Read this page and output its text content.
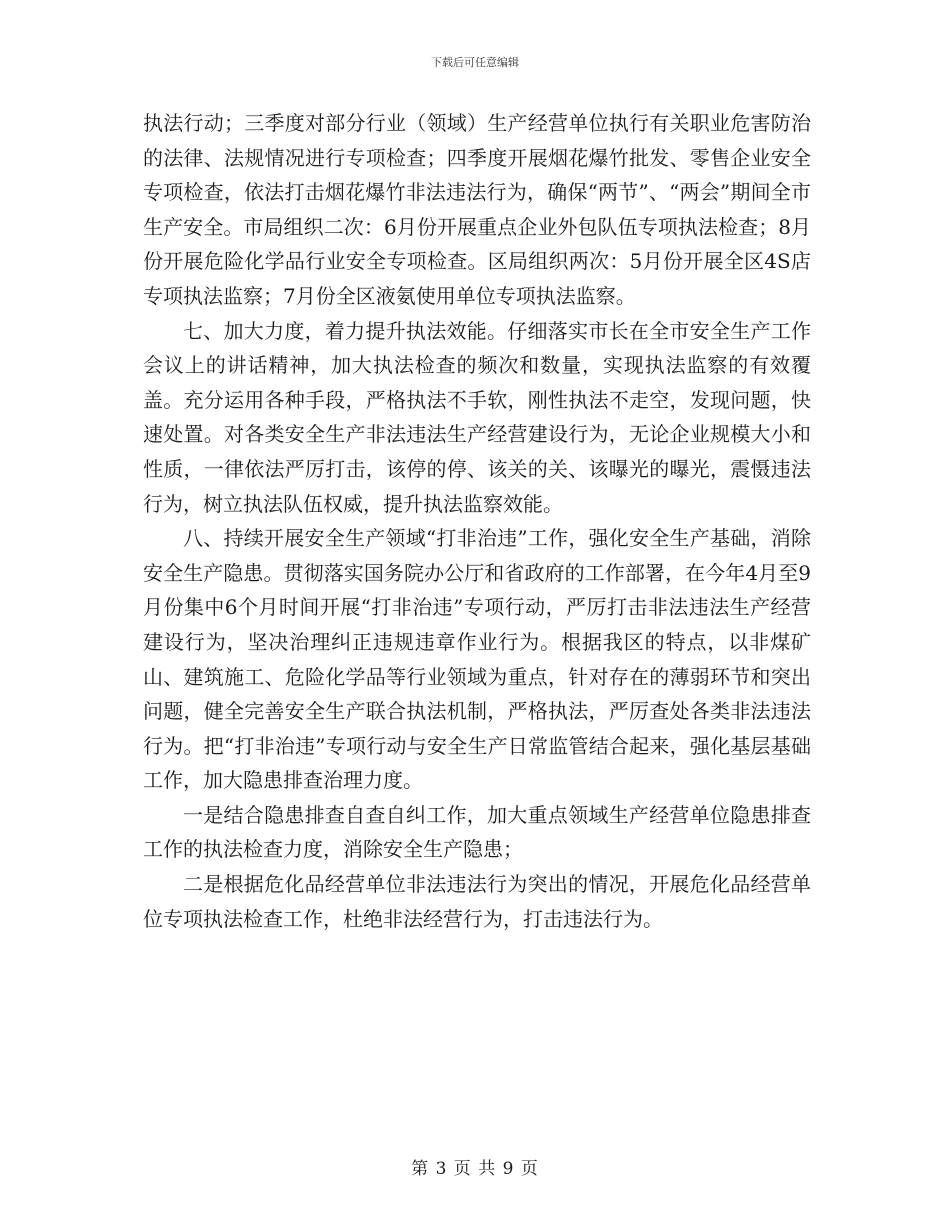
下载后可任意编辑

执法行动；三季度对部分行业（领域）生产经营单位执行有关职业危害防治的法律、法规情况进行专项检查；四季度开展烟花爆竹批发、零售企业安全专项检查，依法打击烟花爆竹非法违法行为，确保“两节”、“两会”期间全市生产安全。市局组织二次：6月份开展重点企业外包队伍专项执法检查；8月份开展危险化学品行业安全专项检查。区局组织两次：5月份开展全区4S店专项执法监察；7月份全区液氨使用单位专项执法监察。

七、加大力度，着力提升执法效能。仔细落实市长在全市安全生产工作会议上的讲话精神，加大执法检查的频次和数量，实现执法监察的有效覆盖。充分运用各种手段，严格执法不手软，刚性执法不走空，发现问题，快速处置。对各类安全生产非法违法生产经营建设行为，无论企业规模大小和性质，一律依法严厉打击，该停的停、该关的关、该曝光的曝光，震慑违法行为，树立执法队伍权威，提升执法监察效能。

八、持续开展安全生产领域“打非治违”工作，强化安全生产基础，消除安全生产隐患。贯彻落实国务院办公厅和省政府的工作部署，在今年4月至9月份集中6个月时间开展“打非治违”专项行动，严厉打击非法违法生产经营建设行为，坚决治理纠正违规违章作业行为。根据我区的特点，以非煤矿山、建筑施工、危险化学品等行业领域为重点，针对存在的薄弱环节和突出问题，健全完善安全生产联合执法机制，严格执法，严厉查处各类非法违法行为。把“打非治违”专项行动与安全生产日常监管结合起来，强化基层基础工作，加大隐患排查治理力度。

一是结合隐患排查自查自纠工作，加大重点领域生产经营单位隐患排查工作的执法检查力度，消除安全生产隐患；

二是根据危化品经营单位非法违法行为突出的情况，开展危化品经营单位专项执法检查工作，杜绝非法经营行为，打击违法行为。

第 3 页 共 9 页
